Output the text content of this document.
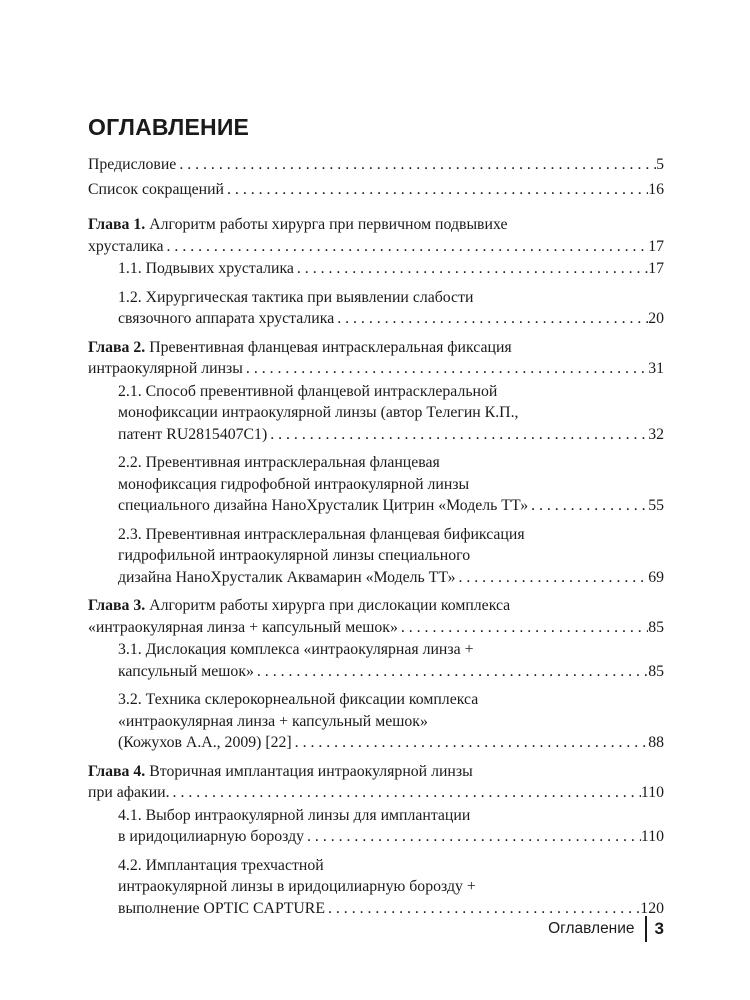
ОГЛАВЛЕНИЕ
Предисловие . . .	5
Список сокращений . . .	16
Глава 1. Алгоритм работы хирурга при первичном подвывихе
хрусталика . . .	17
1.1. Подвывих хрусталика . . .	17
1.2. Хирургическая тактика при выявлении слабости
связочного аппарата хрусталика . . .	20
Глава 2. Превентивная фланцевая интрасклеральная фиксация
интраокулярной линзы . . .	31
2.1. Способ превентивной фланцевой интрасклеральной
монофиксации интраокулярной линзы (автор Телегин К.П.,
патент RU2815407C1) . . .	32
2.2. Превентивная интрасклеральная фланцевая
монофиксация гидрофобной интраокулярной линзы
специального дизайна НаноХрусталик Цитрин «Модель ТТ» . . .	55
2.3. Превентивная интрасклеральная фланцевая бификсация
гидрофильной интраокулярной линзы специального
дизайна НаноХрусталик Аквамарин «Модель ТТ» . . .	69
Глава 3. Алгоритм работы хирурга при дислокации комплекса
«интраокулярная линза + капсульный мешок» . . .	85
3.1. Дислокация комплекса «интраокулярная линза +
капсульный мешок» . . .	85
3.2. Техника склерокорнеальной фиксации комплекса
«интраокулярная линза + капсульный мешок»
(Кожухов А.А., 2009) [22] . . .	88
Глава 4. Вторичная имплантация интраокулярной линзы
при афакии. . . .	110
4.1. Выбор интраокулярной линзы для имплантации
в иридоцилиарную борозду . . .	110
4.2. Имплантация трехчастной
интраокулярной линзы в иридоцилиарную борозду +
выполнение OPTIC CAPTURE . . .	120
Оглавление 3
